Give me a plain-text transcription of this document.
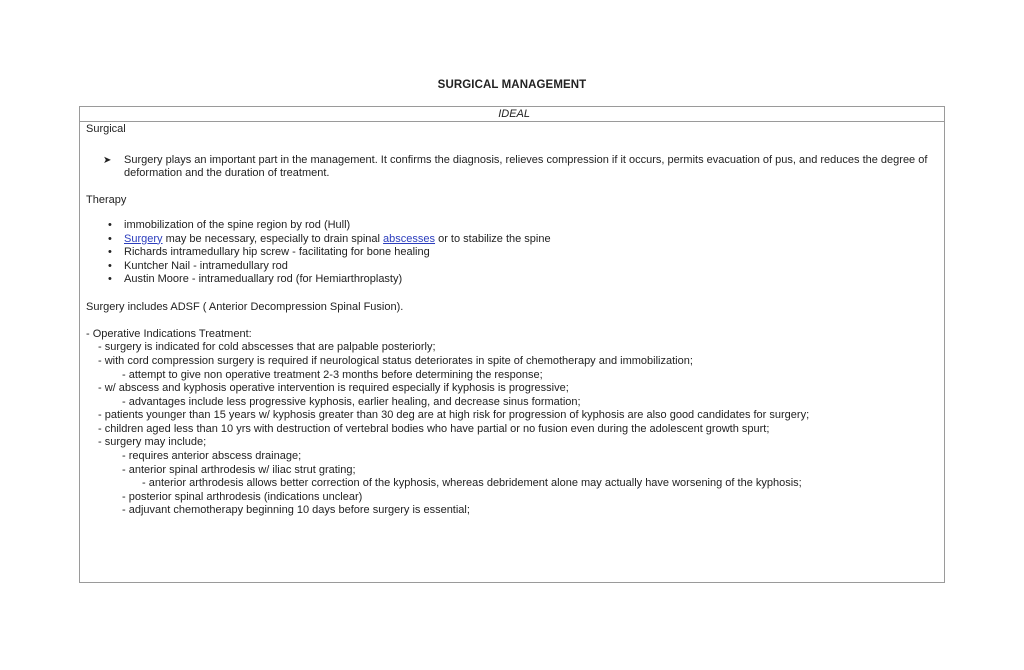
SURGICAL MANAGEMENT
IDEAL

Surgical

➤ Surgery plays an important part in the management. It confirms the diagnosis, relieves compression if it occurs, permits evacuation of pus, and reduces the degree of deformation and the duration of treatment.

Therapy

• immobilization of the spine region by rod (Hull)
• Surgery may be necessary, especially to drain spinal abscesses or to stabilize the spine
• Richards intramedullary hip screw - facilitating for bone healing
• Kuntcher Nail - intramedullary rod
• Austin Moore - intrameduallary rod (for Hemiarthroplasty)
Surgery includes ADSF ( Anterior Decompression Spinal Fusion).
- Operative Indications Treatment:
- surgery is indicated for cold abscesses that are palpable posteriorly;
- with cord compression surgery is required if neurological status deteriorates in spite of chemotherapy and immobilization;
- attempt to give non operative treatment 2-3 months before determining the response;
- w/ abscess and kyphosis operative intervention is required especially if kyphosis is progressive;
- advantages include less progressive kyphosis, earlier healing, and decrease sinus formation;
- patients younger than 15 years w/ kyphosis greater than 30 deg are at high risk for progression of kyphosis are also good candidates for surgery;
- children aged less than 10 yrs with destruction of vertebral bodies who have partial or no fusion even during the adolescent growth spurt;
- surgery may include;
- requires anterior abscess drainage;
- anterior spinal arthrodesis w/ iliac strut grating;
- anterior arthrodesis allows better correction of the kyphosis, whereas debridement alone may actually have worsening of the kyphosis;
- posterior spinal arthrodesis (indications unclear)
- adjuvant chemotherapy beginning 10 days before surgery is essential;
